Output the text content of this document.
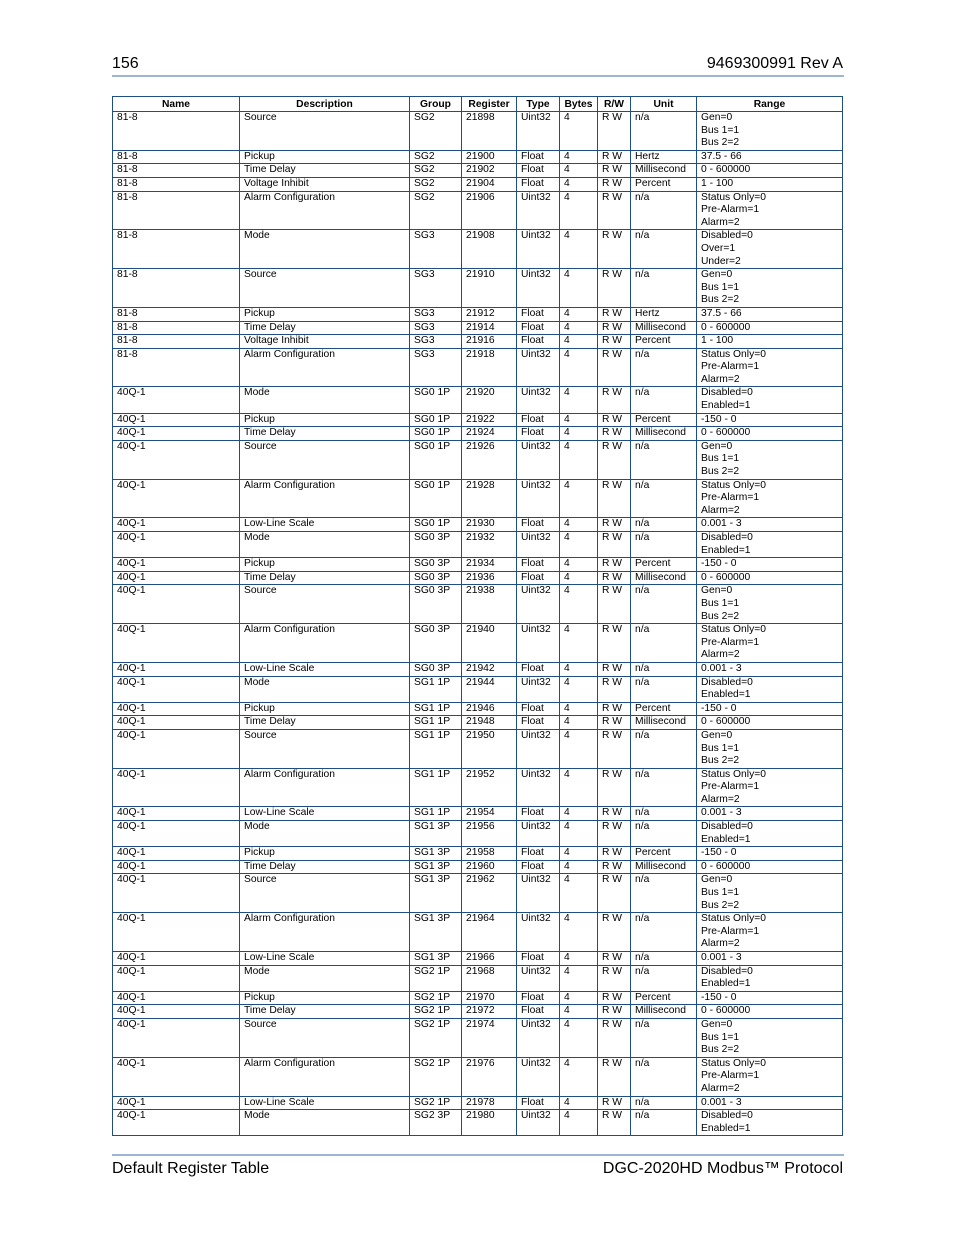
156	9469300991 Rev A
Name	Description	Group	Register	Type	Bytes	R/W	Unit	Range
81-8	Source	SG2	21898	Uint32	4	R W	n/a	Gen=0
Bus 1=1
Bus 2=2

81-8	Pickup	SG2	21900	Float	4	R W	Hertz	37.5 - 66

81-8	Time Delay	SG2	21902	Float	4	R W	Millisecond	0 - 600000

81-8	Voltage Inhibit	SG2	21904	Float	4	R W	Percent	1 - 100

81-8	Alarm Configuration	SG2	21906	Uint32	4	R W	n/a	Status Only=0
Pre-Alarm=1
Alarm=2

81-8	Mode	SG3	21908	Uint32	4	R W	n/a	Disabled=0
Over=1
Under=2

81-8	Source	SG3	21910	Uint32	4	R W	n/a	Gen=0
Bus 1=1
Bus 2=2

81-8	Pickup	SG3	21912	Float	4	R W	Hertz	37.5 - 66

81-8	Time Delay	SG3	21914	Float	4	R W	Millisecond	0 - 600000

81-8	Voltage Inhibit	SG3	21916	Float	4	R W	Percent	1 - 100

81-8	Alarm Configuration	SG3	21918	Uint32	4	R W	n/a	Status Only=0
Pre-Alarm=1
Alarm=2

40Q-1	Mode	SG0 1P	21920	Uint32	4	R W	n/a	Disabled=0
Enabled=1

40Q-1	Pickup	SG0 1P	21922	Float	4	R W	Percent	-150 - 0

40Q-1	Time Delay	SG0 1P	21924	Float	4	R W	Millisecond	0 - 600000

40Q-1	Source	SG0 1P	21926	Uint32	4	R W	n/a	Gen=0
Bus 1=1
Bus 2=2

40Q-1	Alarm Configuration	SG0 1P	21928	Uint32	4	R W	n/a	Status Only=0
Pre-Alarm=1
Alarm=2

40Q-1	Low-Line Scale	SG0 1P	21930	Float	4	R W	n/a	0.001 - 3

40Q-1	Mode	SG0 3P	21932	Uint32	4	R W	n/a	Disabled=0
Enabled=1

40Q-1	Pickup	SG0 3P	21934	Float	4	R W	Percent	-150 - 0

40Q-1	Time Delay	SG0 3P	21936	Float	4	R W	Millisecond	0 - 600000

40Q-1	Source	SG0 3P	21938	Uint32	4	R W	n/a	Gen=0
Bus 1=1
Bus 2=2

40Q-1	Alarm Configuration	SG0 3P	21940	Uint32	4	R W	n/a	Status Only=0
Pre-Alarm=1
Alarm=2

40Q-1	Low-Line Scale	SG0 3P	21942	Float	4	R W	n/a	0.001 - 3

40Q-1	Mode	SG1 1P	21944	Uint32	4	R W	n/a	Disabled=0
Enabled=1

40Q-1	Pickup	SG1 1P	21946	Float	4	R W	Percent	-150 - 0

40Q-1	Time Delay	SG1 1P	21948	Float	4	R W	Millisecond	0 - 600000

40Q-1	Source	SG1 1P	21950	Uint32	4	R W	n/a	Gen=0
Bus 1=1
Bus 2=2

40Q-1	Alarm Configuration	SG1 1P	21952	Uint32	4	R W	n/a	Status Only=0
Pre-Alarm=1
Alarm=2

40Q-1	Low-Line Scale	SG1 1P	21954	Float	4	R W	n/a	0.001 - 3

40Q-1	Mode	SG1 3P	21956	Uint32	4	R W	n/a	Disabled=0
Enabled=1

40Q-1	Pickup	SG1 3P	21958	Float	4	R W	Percent	-150 - 0

40Q-1	Time Delay	SG1 3P	21960	Float	4	R W	Millisecond	0 - 600000

40Q-1	Source	SG1 3P	21962	Uint32	4	R W	n/a	Gen=0
Bus 1=1
Bus 2=2

40Q-1	Alarm Configuration	SG1 3P	21964	Uint32	4	R W	n/a	Status Only=0
Pre-Alarm=1
Alarm=2

40Q-1	Low-Line Scale	SG1 3P	21966	Float	4	R W	n/a	0.001 - 3

40Q-1	Mode	SG2 1P	21968	Uint32	4	R W	n/a	Disabled=0
Enabled=1

40Q-1	Pickup	SG2 1P	21970	Float	4	R W	Percent	-150 - 0

40Q-1	Time Delay	SG2 1P	21972	Float	4	R W	Millisecond	0 - 600000

40Q-1	Source	SG2 1P	21974	Uint32	4	R W	n/a	Gen=0
Bus 1=1
Bus 2=2

40Q-1	Alarm Configuration	SG2 1P	21976	Uint32	4	R W	n/a	Status Only=0
Pre-Alarm=1
Alarm=2

40Q-1	Low-Line Scale	SG2 1P	21978	Float	4	R W	n/a	0.001 - 3

40Q-1	Mode	SG2 3P	21980	Uint32	4	R W	n/a	Disabled=0
Enabled=1
Default Register Table	DGC-2020HD Modbus™ Protocol
